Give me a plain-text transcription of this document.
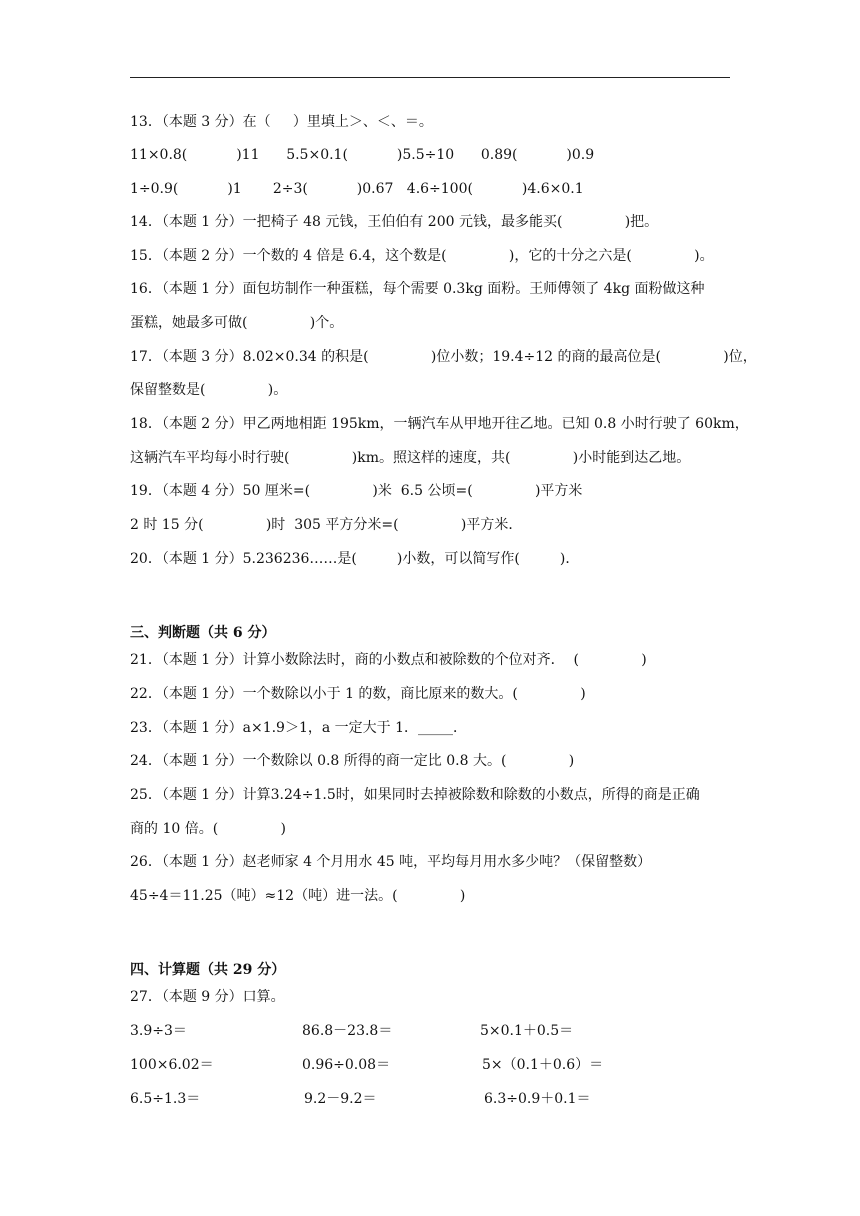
13．（本题 3 分）在（     ）里填上＞、＜、＝。
11×0.8(           )11      5.5×0.1(           )5.5÷10      0.89(           )0.9
1÷0.9(           )1       2÷3(           )0.67   4.6÷100(           )4.6×0.1
14．（本题 1 分）一把椅子 48 元钱，王伯伯有 200 元钱，最多能买(              )把。
15．（本题 2 分）一个数的 4 倍是 6.4，这个数是(              )，它的十分之六是(              )。
16．（本题 1 分）面包坊制作一种蛋糕，每个需要 0.3kg 面粉。王师傅领了 4kg 面粉做这种
蛋糕，她最多可做(              )个。
17．（本题 3 分）8.02×0.34 的积是(              )位小数；19.4÷12 的商的最高位是(              )位，
保留整数是(              )。
18．（本题 2 分）甲乙两地相距 195km，一辆汽车从甲地开往乙地。已知 0.8 小时行驶了 60km，
这辆汽车平均每小时行驶(              )km。照这样的速度，共(              )小时能到达乙地。
19．（本题 4 分）50 厘米=(              )米  6.5 公顷=(              )平方米
2 时 15 分(              )时  305 平方分米=(              )平方米．
20．（本题 1 分）5.236236……是(         )小数，可以简写作(         )．
三、判断题（共 6 分）
21．（本题 1 分）计算小数除法时，商的小数点和被除数的个位对齐．  (              )
22．（本题 1 分）一个数除以小于 1 的数，商比原来的数大。(              )
23．（本题 1 分）a×1.9＞1，a 一定大于 1．_____．
24．（本题 1 分）一个数除以 0.8 所得的商一定比 0.8 大。(              )
25．（本题 1 分）计算3.24÷1.5时，如果同时去掉被除数和除数的小数点，所得的商是正确
商的 10 倍。(              )
26．（本题 1 分）赵老师家 4 个月用水 45 吨，平均每月用水多少吨？（保留整数）
45÷4＝11.25（吨）≈12（吨）进一法。(              )
四、计算题（共 29 分）
27．（本题 9 分）口算。
3.9÷3＝	86.8－23.8＝	5×0.1＋0.5＝
100×6.02＝	0.96÷0.08＝	5×（0.1＋0.6）＝
6.5÷1.3＝	9.2－9.2＝	6.3÷0.9＋0.1＝
